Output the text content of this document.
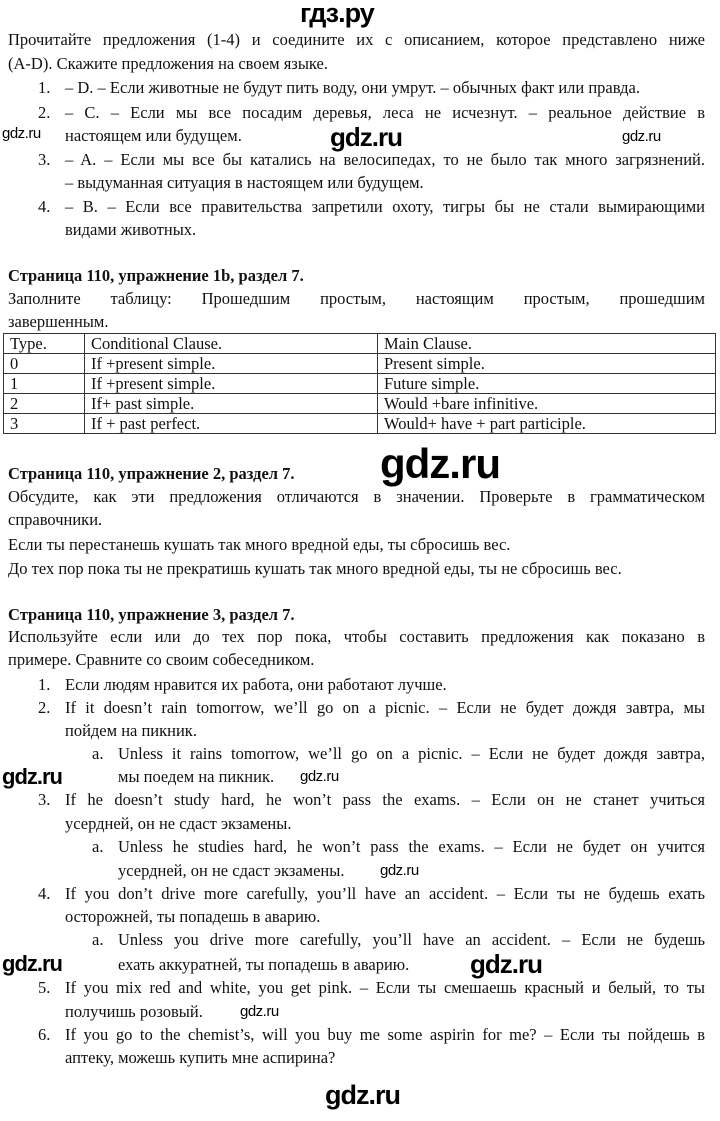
гдз.ру
Прочитайте предложения (1-4) и соедините их с описанием, которое представлено ниже
(A-D). Скажите предложения на своем языке.
1. – D. – Если животные не будут пить воду, они умрут. – обычных факт или правда.
2. – C. – Если мы все посадим деревья, леса не исчезнут. – реальное действие в
настоящем или будущем.
3. – A. – Если мы все бы катались на велосипедах, то не было так много загрязнений.
– выдуманная ситуация в настоящем или будущем.
4. – B. – Если все правительства запретили охоту, тигры бы не стали вымирающими
видами животных.
Страница 110, упражнение 1b, раздел 7.
Заполните таблицу: Прошедшим простым, настоящим простым, прошедшим
завершенным.
Type.	Conditional Clause.	Main Clause.
0	If +present simple.	Present simple.
1	If +present simple.	Future simple.
2	If+ past simple.	Would +bare infinitive.
3	If + past perfect.	Would+ have + part participle.
Страница 110, упражнение 2, раздел 7.
Обсудите, как эти предложения отличаются в значении. Проверьте в грамматическом
справочники.
Если ты перестанешь кушать так много вредной еды, ты сбросишь вес.
До тех пор пока ты не прекратишь кушать так много вредной еды, ты не сбросишь вес.
Страница 110, упражнение 3, раздел 7.
Используйте если или до тех пор пока, чтобы составить предложения как показано в
примере. Сравните со своим собеседником.
1. Если людям нравится их работа, они работают лучше.
2. If it doesn’t rain tomorrow, we’ll go on a picnic. – Если не будет дождя завтра, мы
пойдем на пикник.
a. Unless it rains tomorrow, we’ll go on a picnic. – Если не будет дождя завтра,
мы поедем на пикник.
3. If he doesn’t study hard, he won’t pass the exams. – Если он не станет учиться
усердней, он не сдаст экзамены.
a. Unless he studies hard, he won’t pass the exams. – Если не будет он учится
усердней, он не сдаст экзамены.
4. If you don’t drive more carefully, you’ll have an accident. – Если ты не будешь ехать
осторожней, ты попадешь в аварию.
a. Unless you drive more carefully, you’ll have an accident. – Если не будешь
ехать аккуратней, ты попадешь в аварию.
5. If you mix red and white, you get pink. – Если ты смешаешь красный и белый, то ты
получишь розовый.
6. If you go to the chemist’s, will you buy me some aspirin for me? – Если ты пойдешь в
аптеку, можешь купить мне аспирина?
gdz.ru
gdz.ru	gdz.ru
gdz.ru
gdz.ru
gdz.ru
gdz.ru
gdz.ru	gdz.ru
gdz.ru
gdz.ru
